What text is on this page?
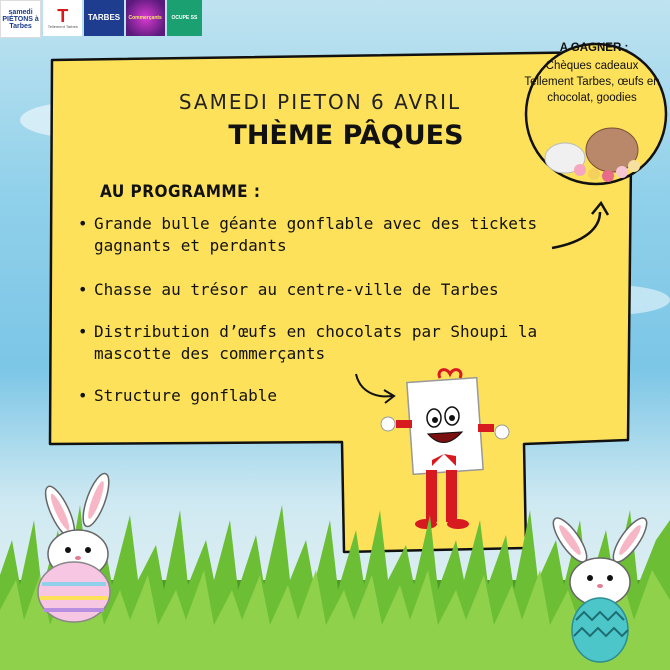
samedi PIÉTONS à Tarbes	T
Tellement Tarbes
TARBES	Commerçants	OCUPE SS
SAMEDI PIETON 6 AVRIL
THÈME PÂQUES
AU PROGRAMME :
• Grande bulle géante gonflable avec des tickets gagnants et perdants
• Chasse au trésor au centre-ville de Tarbes
• Distribution d’œufs en chocolats par Shoupi la mascotte des commerçants
• Structure gonflable
A GAGNER :
Chèques cadeaux Tellement Tarbes, œufs en chocolat, goodies
